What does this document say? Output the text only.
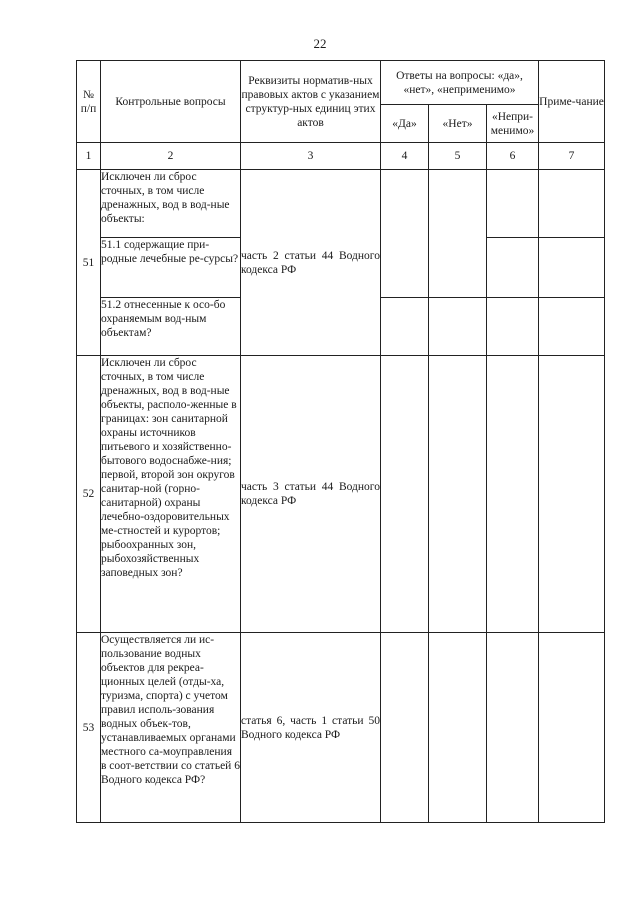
22
№ п/п	Контрольные вопросы	Реквизиты норматив-ных правовых актов с указанием структур-ных единиц этих актов	Ответы на вопросы: «да», «нет», «неприменимо»			Приме-чание
			«Да»	«Нет»	«Непри-менимо»	
1	2	3	4	5	6	7
51	Исключен ли сброс сточных, в том числе дренажных, вод в вод-ные объекты:	часть 2 статьи 44 Водного кодекса РФ				
	51.1 содержащие при-родные лечебные ре-сурсы?					
	51.2 отнесенные к осо-бо охраняемым вод-ным объектам?					
52	Исключен ли сброс сточных, в том числе дренажных, вод в вод-ные объекты, располо-женные в границах: зон санитарной охраны источников питьевого и хозяйственно-бытового водоснабже-ния; первой, второй зон округов санитар-ной (горно-санитарной) охраны лечебно-оздоровительных ме-стностей и курортов; рыбоохранных зон, рыбохозяйственных заповедных зон?	часть 3 статьи 44 Водного кодекса РФ				
53	Осуществляется ли ис-пользование водных объектов для рекреа-ционных целей (отды-ха, туризма, спорта) с учетом правил исполь-зования водных объек-тов, устанавливаемых органами местного са-моуправления в соот-ветствии со статьей 6 Водного кодекса РФ?	статья 6, часть 1 статьи 50 Водного кодекса РФ				
